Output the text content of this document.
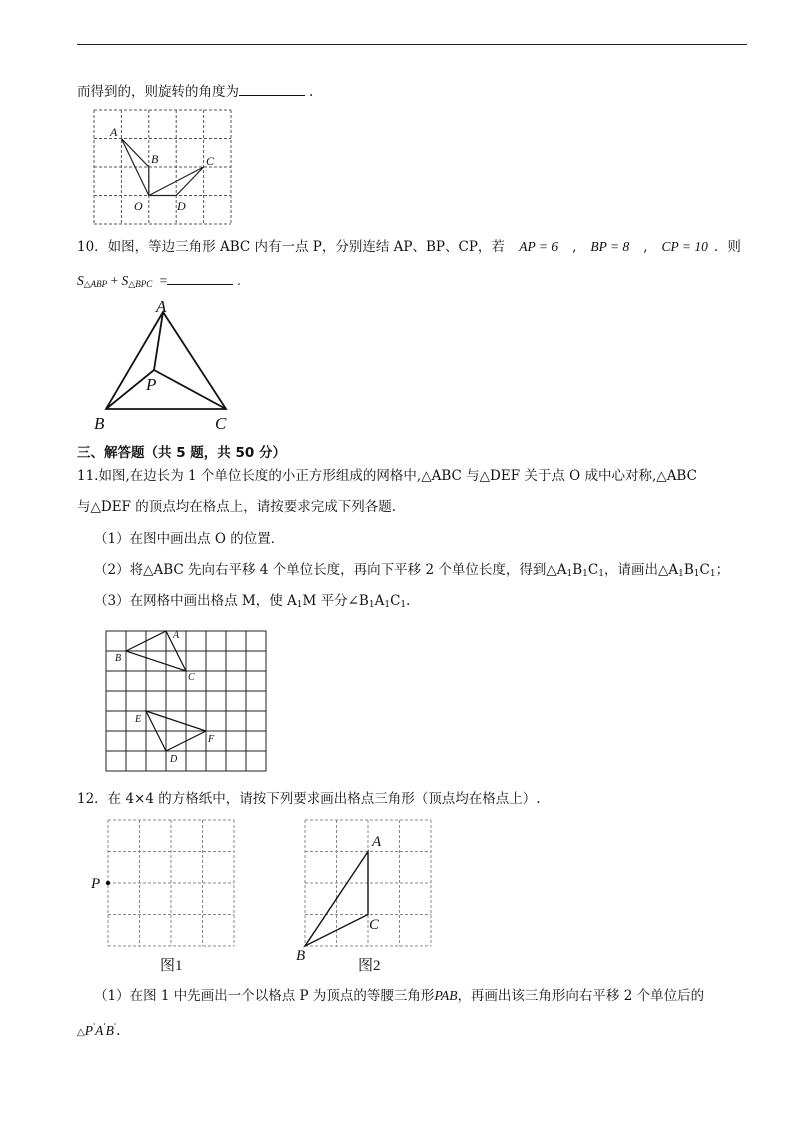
而得到的，则旋转的角度为	.
A
B	C
O	D
10．如图，等边三角形 ABC 内有一点 P，分别连结 AP、BP、CP，若 AP = 6 , BP = 8 , CP = 10 ．则
$S_{\triangle ABP} + S_{\triangle BPC}$ =	.
A
P
B	C
三、解答题（共 5 题，共 50 分）
11.如图,在边长为 1 个单位长度的小正方形组成的网格中,△ABC 与△DEF 关于点 O 成中心对称,△ABC
与△DEF 的顶点均在格点上，请按要求完成下列各题．
（1）在图中画出点 O 的位置．
（2）将△ABC 先向右平移 4 个单位长度，再向下平移 2 个单位长度，得到$\triangle A_1B_1C_1$，请画出$\triangle A_1B_1C_1$；
（3）在网格中画出格点 M，使 $A_1M$ 平分$\angle B_1A_1C_1$．
A
B
C
E
F
D
12．在 4×4 的方格纸中，请按下列要求画出格点三角形（顶点均在格点上）.
P
图1
A
C
B
图2
（1）在图 1 中先画出一个以格点 P 为顶点的等腰三角形PAB，再画出该三角形向右平移 2 个单位后的
△P'A'B'.
